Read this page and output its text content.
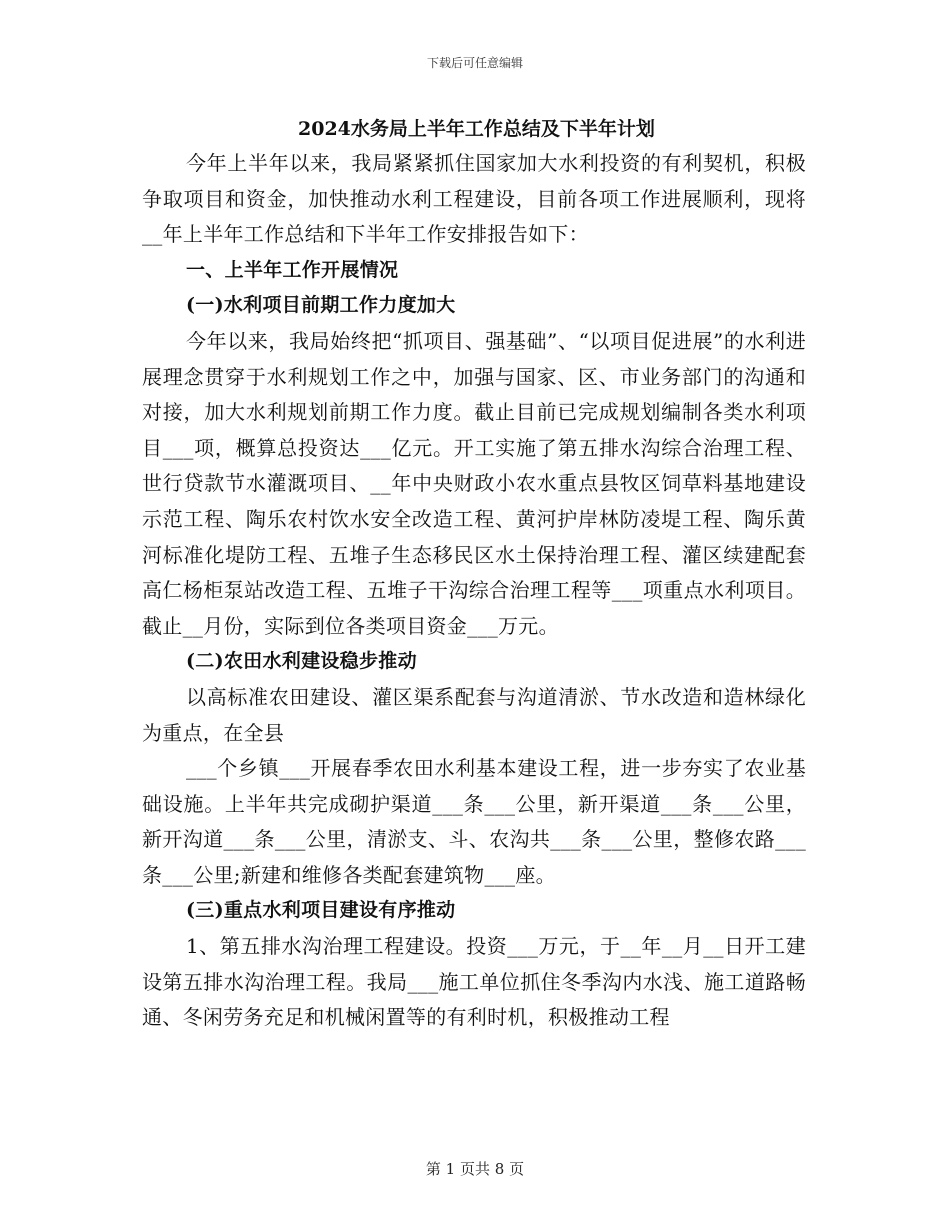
下载后可任意编辑
2024水务局上半年工作总结及下半年计划

今年上半年以来，我局紧紧抓住国家加大水利投资的有利契机，积极争取项目和资金，加快推动水利工程建设，目前各项工作进展顺利，现将__年上半年工作总结和下半年工作安排报告如下：

一、上半年工作开展情况

(一)水利项目前期工作力度加大

今年以来，我局始终把“抓项目、强基础”、“以项目促进展”的水利进展理念贯穿于水利规划工作之中，加强与国家、区、市业务部门的沟通和对接，加大水利规划前期工作力度。截止目前已完成规划编制各类水利项目___项，概算总投资达___亿元。开工实施了第五排水沟综合治理工程、世行贷款节水灌溉项目、__年中央财政小农水重点县牧区饲草料基地建设示范工程、陶乐农村饮水安全改造工程、黄河护岸林防凌堤工程、陶乐黄河标准化堤防工程、五堆子生态移民区水土保持治理工程、灌区续建配套高仁杨柜泵站改造工程、五堆子干沟综合治理工程等___项重点水利项目。截止__月份，实际到位各类项目资金___万元。

(二)农田水利建设稳步推动

以高标准农田建设、灌区渠系配套与沟道清淤、节水改造和造林绿化为重点，在全县

___个乡镇___开展春季农田水利基本建设工程，进一步夯实了农业基础设施。上半年共完成砌护渠道___条___公里，新开渠道___条___公里，新开沟道___条___公里，清淤支、斗、农沟共___条___公里，整修农路___条___公里;新建和维修各类配套建筑物___座。

(三)重点水利项目建设有序推动

1、第五排水沟治理工程建设。投资___万元，于__年__月__日开工建设第五排水沟治理工程。我局___施工单位抓住冬季沟内水浅、施工道路畅通、冬闲劳务充足和机械闲置等的有利时机，积极推动工程

第 1 页共 8 页
